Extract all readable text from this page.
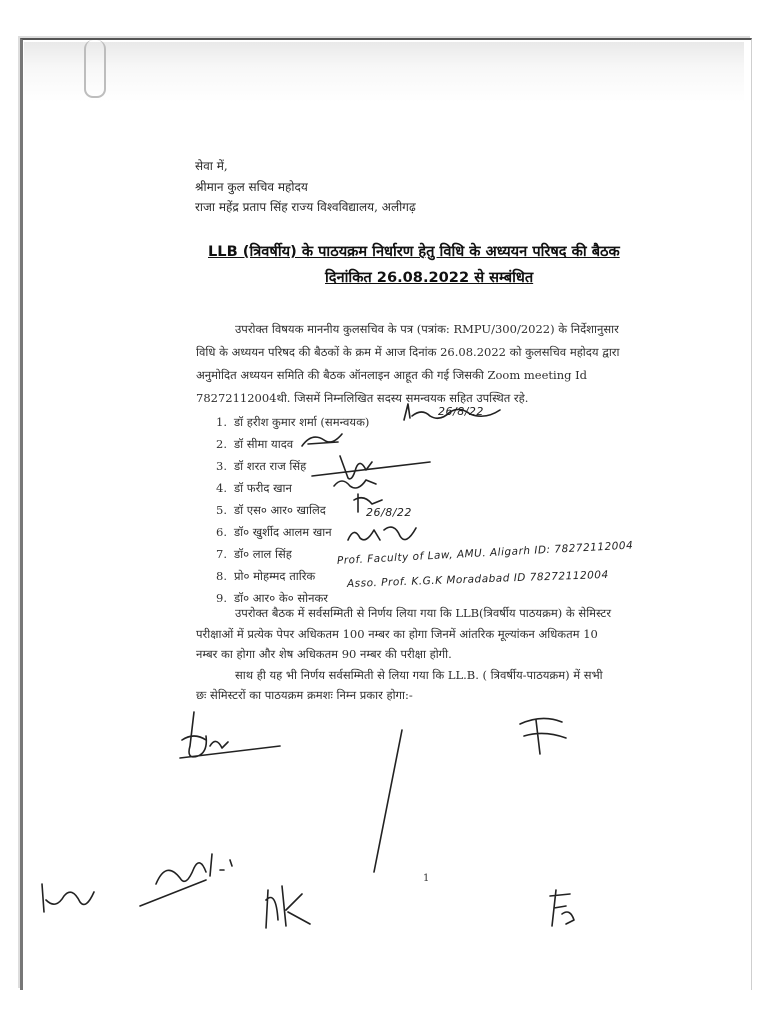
सेवा में,
श्रीमान कुल सचिव महोदय
राजा महेंद्र प्रताप सिंह राज्य विश्वविद्यालय, अलीगढ़
LLB (त्रिवर्षीय) के पाठयक्रम निर्धारण हेतु विधि के अध्ययन परिषद की बैठक
दिनांकित 26.08.2022 से सम्बंधित
उपरोक्त विषयक माननीय कुलसचिव के पत्र (पत्रांक: RMPU/300/2022) के निर्देशानुसार
विधि के अध्ययन परिषद की बैठकों के क्रम में आज दिनांक 26.08.2022 को कुलसचिव महोदय द्वारा
अनुमोदित अध्ययन समिति की बैठक ऑनलाइन आहूत की गई जिसकी Zoom meeting Id
78272112004थी. जिसमें निम्नलिखित सदस्य समन्वयक सहित उपस्थित रहे.
1. डॉ हरीश कुमार शर्मा (समन्वयक)
2. डॉ सीमा यादव
3. डॉ शरत राज सिंह
4. डॉ फरीद खान
5. डॉ एस० आर० खालिद
6. डॉ० खुर्शीद आलम खान
7. डॉ० लाल सिंह
8. प्रो० मोहम्मद तारिक
9. डॉ० आर० के० सोनकर
26/8/22
26/8/22
Prof. Faculty of Law, AMU. Aligarh ID: 78272112004
Asso. Prof. K.G.K Moradabad ID 78272112004
उपरोक्त बैठक में सर्वसम्मिती से निर्णय लिया गया कि LLB(त्रिवर्षीय पाठयक्रम) के सेमिस्टर
परीक्षाओं में प्रत्येक पेपर अधिकतम 100 नम्बर का होगा जिनमें आंतरिक मूल्यांकन अधिकतम 10
नम्बर का होगा और शेष अधिकतम 90 नम्बर की परीक्षा होगी.
साथ ही यह भी निर्णय सर्वसम्मिती से लिया गया कि LL.B. ( त्रिवर्षीय-पाठयक्रम) में सभी
छः सेमिस्टरों का पाठयक्रम क्रमशः निम्न प्रकार होगा:-
1
